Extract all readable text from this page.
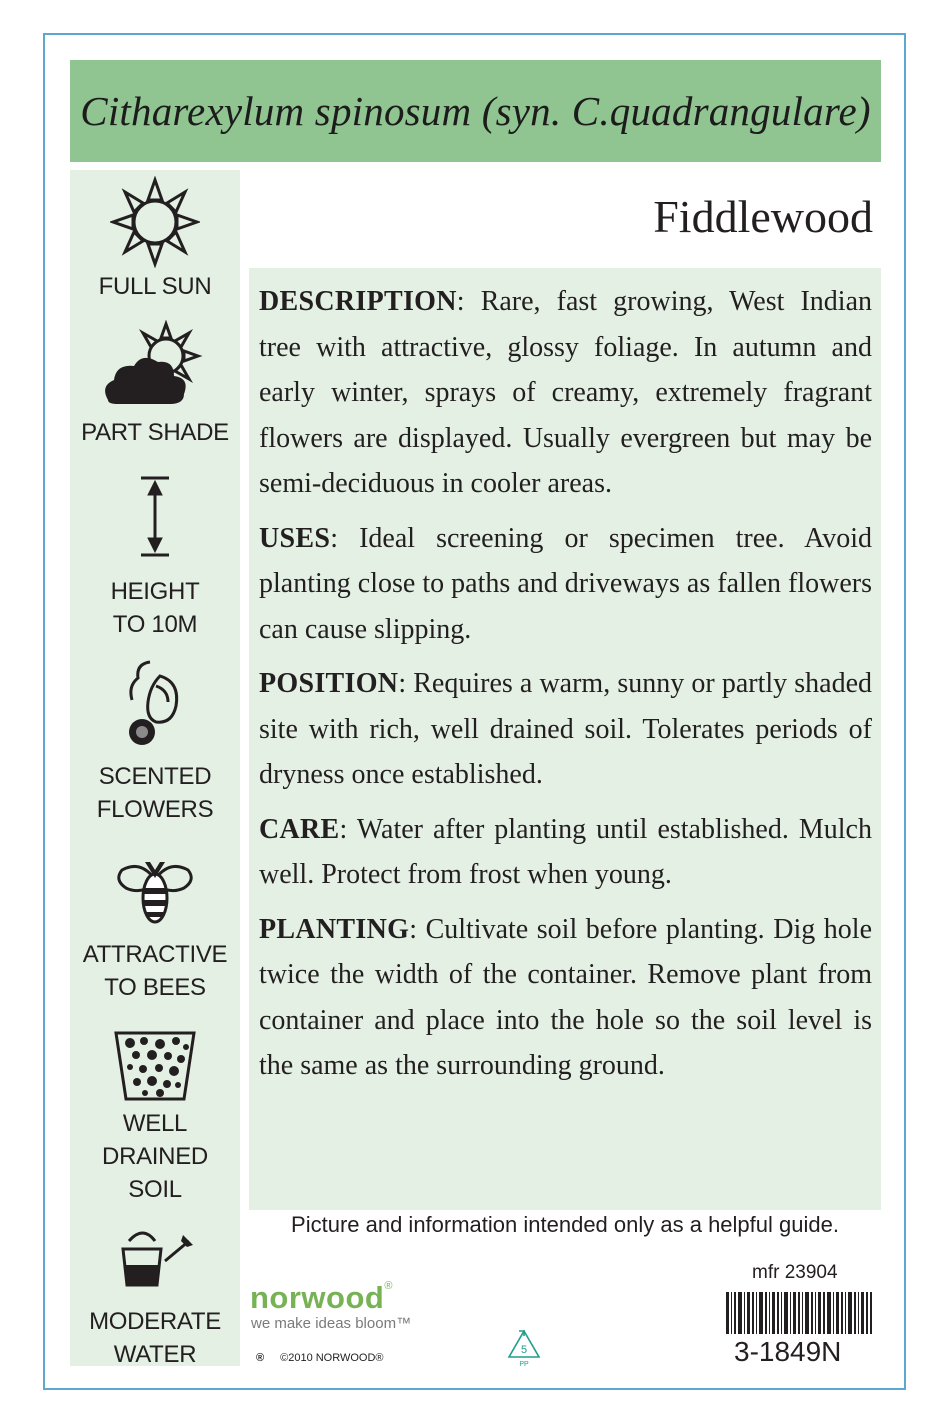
Citharexylum spinosum (syn. C.quadrangulare)
FULL SUN
PART SHADE
HEIGHT
TO 10M
SCENTED
FLOWERS
ATTRACTIVE
TO BEES
WELL
DRAINED
SOIL
MODERATE
WATER
Fiddlewood

DESCRIPTION: Rare, fast growing, West Indian tree with attractive, glossy foliage. In autumn and early winter, sprays of creamy, extremely fragrant flowers are displayed. Usually evergreen but may be semi-deciduous in cooler areas.

USES: Ideal screening or specimen tree. Avoid planting close to paths and driveways as fallen flowers can cause slipping.

POSITION: Requires a warm, sunny or partly shaded site with rich, well drained soil. Tolerates periods of dryness once established.

CARE: Water after planting until established. Mulch well. Protect from frost when young.

PLANTING: Cultivate soil before planting. Dig hole twice the width of the container. Remove plant from container and place into the hole so the soil level is the same as the surrounding ground.

Picture and information intended only as a helpful guide.
mfr 23904
3-1849N
norwood®
we make ideas bloom™
® ©2010 NORWOOD®
5
PP
